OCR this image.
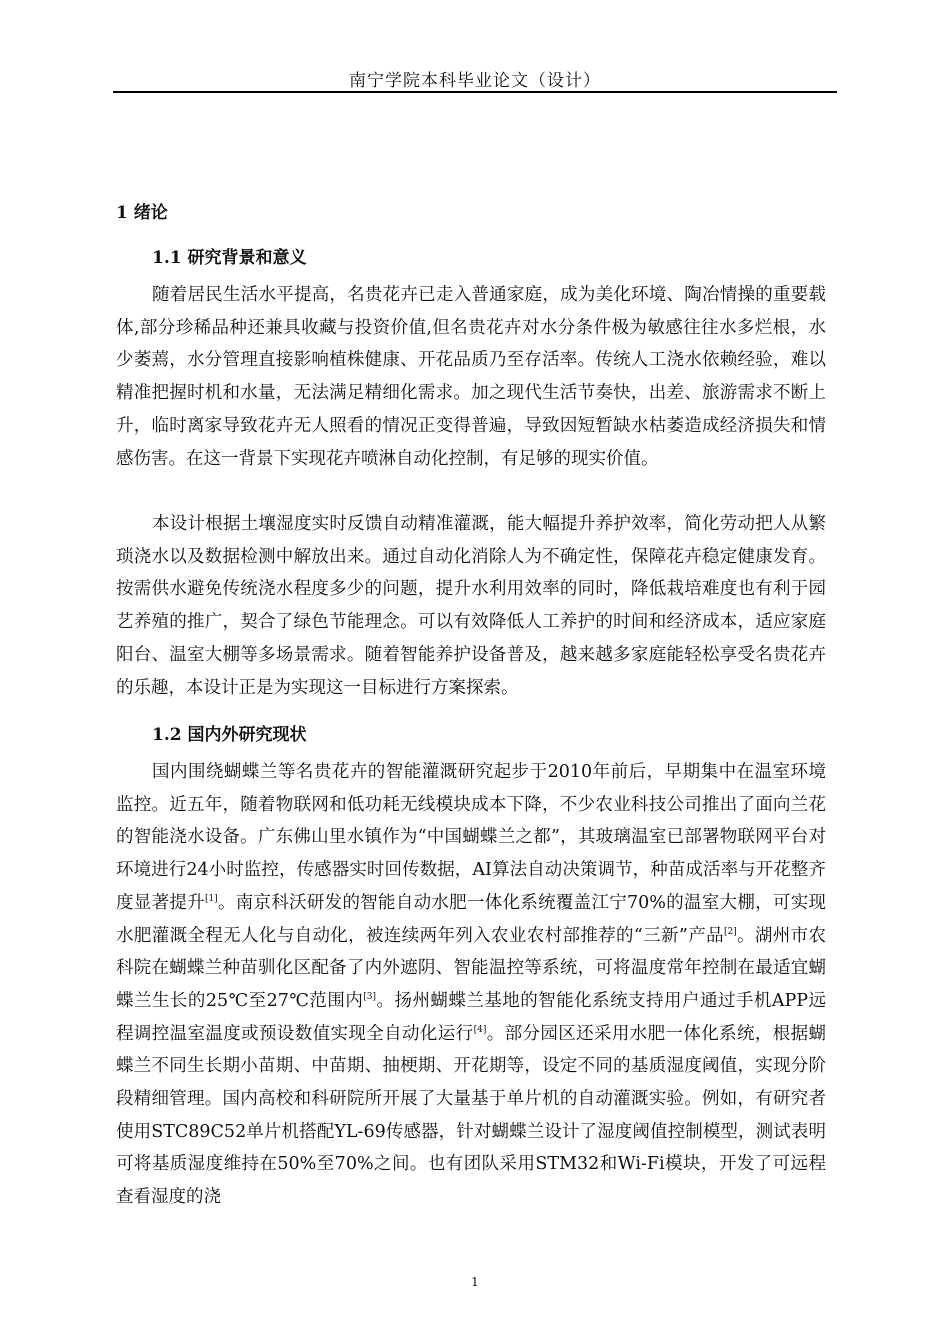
南宁学院本科毕业论文（设计）
1 绪论
1.1 研究背景和意义

随着居民生活水平提高，名贵花卉已走入普通家庭，成为美化环境、陶冶情操的重要载体,部分珍稀品种还兼具收藏与投资价值,但名贵花卉对水分条件极为敏感往往水多烂根，水少萎蔫，水分管理直接影响植株健康、开花品质乃至存活率。传统人工浇水依赖经验，难以精准把握时机和水量，无法满足精细化需求。加之现代生活节奏快，出差、旅游需求不断上升，临时离家导致花卉无人照看的情况正变得普遍，导致因短暂缺水枯萎造成经济损失和情感伤害。在这一背景下实现花卉喷淋自动化控制，有足够的现实价值。

本设计根据土壤湿度实时反馈自动精准灌溉，能大幅提升养护效率，简化劳动把人从繁琐浇水以及数据检测中解放出来。通过自动化消除人为不确定性，保障花卉稳定健康发育。按需供水避免传统浇水程度多少的问题，提升水利用效率的同时，降低栽培难度也有利于园艺养殖的推广，契合了绿色节能理念。可以有效降低人工养护的时间和经济成本，适应家庭阳台、温室大棚等多场景需求。随着智能养护设备普及，越来越多家庭能轻松享受名贵花卉的乐趣，本设计正是为实现这一目标进行方案探索。

1.2 国内外研究现状

国内围绕蝴蝶兰等名贵花卉的智能灌溉研究起步于2010年前后，早期集中在温室环境监控。近五年，随着物联网和低功耗无线模块成本下降，不少农业科技公司推出了面向兰花的智能浇水设备。广东佛山里水镇作为“中国蝴蝶兰之都”，其玻璃温室已部署物联网平台对环境进行24小时监控，传感器实时回传数据，AI算法自动决策调节，种苗成活率与开花整齐度显著提升[1]。南京科沃研发的智能自动水肥一体化系统覆盖江宁70%的温室大棚，可实现水肥灌溉全程无人化与自动化，被连续两年列入农业农村部推荐的“三新”产品[2]。湖州市农科院在蝴蝶兰种苗驯化区配备了内外遮阴、智能温控等系统，可将温度常年控制在最适宜蝴蝶兰生长的25℃至27℃范围内[3]。扬州蝴蝶兰基地的智能化系统支持用户通过手机APP远程调控温室温度或预设数值实现全自动化运行[4]。部分园区还采用水肥一体化系统，根据蝴蝶兰不同生长期小苗期、中苗期、抽梗期、开花期等，设定不同的基质湿度阈值，实现分阶段精细管理。国内高校和科研院所开展了大量基于单片机的自动灌溉实验。例如，有研究者使用STC89C52单片机搭配YL-69传感器，针对蝴蝶兰设计了湿度阈值控制模型，测试表明可将基质湿度维持在50%至70%之间。也有团队采用STM32和Wi-Fi模块，开发了可远程查看湿度的浇

1
